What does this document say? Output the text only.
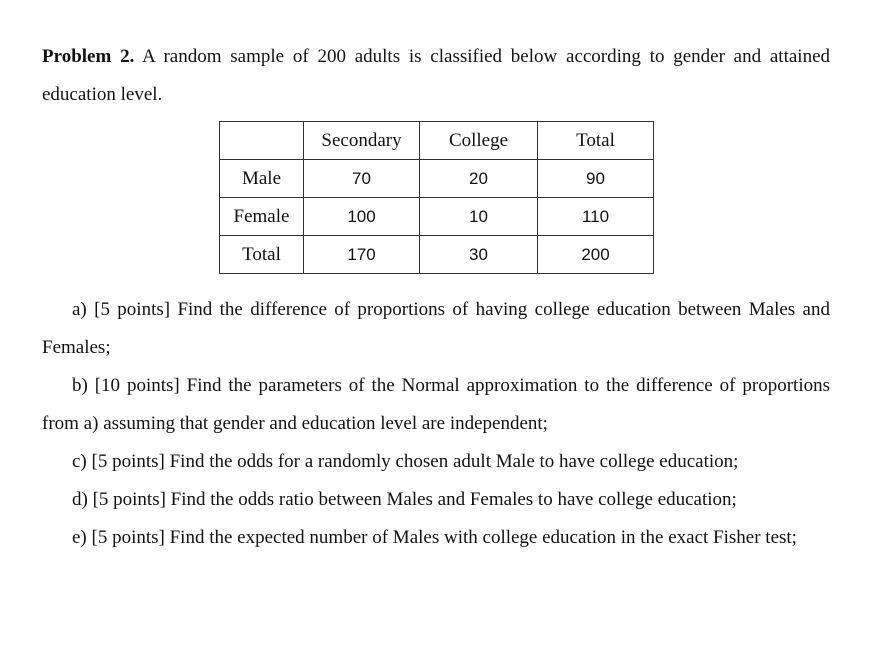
Problem 2. A random sample of 200 adults is classified below according to gender and attained education level.

	Secondary	College	Total
Male	70	20	90
Female	100	10	110
Total	170	30	200

a) [5 points] Find the difference of proportions of having college education between Males and Females;

b) [10 points] Find the parameters of the Normal approximation to the difference of proportions from a) assuming that gender and education level are independent;

c) [5 points] Find the odds for a randomly chosen adult Male to have college education;

d) [5 points] Find the odds ratio between Males and Females to have college education;

e) [5 points] Find the expected number of Males with college education in the exact Fisher test;
